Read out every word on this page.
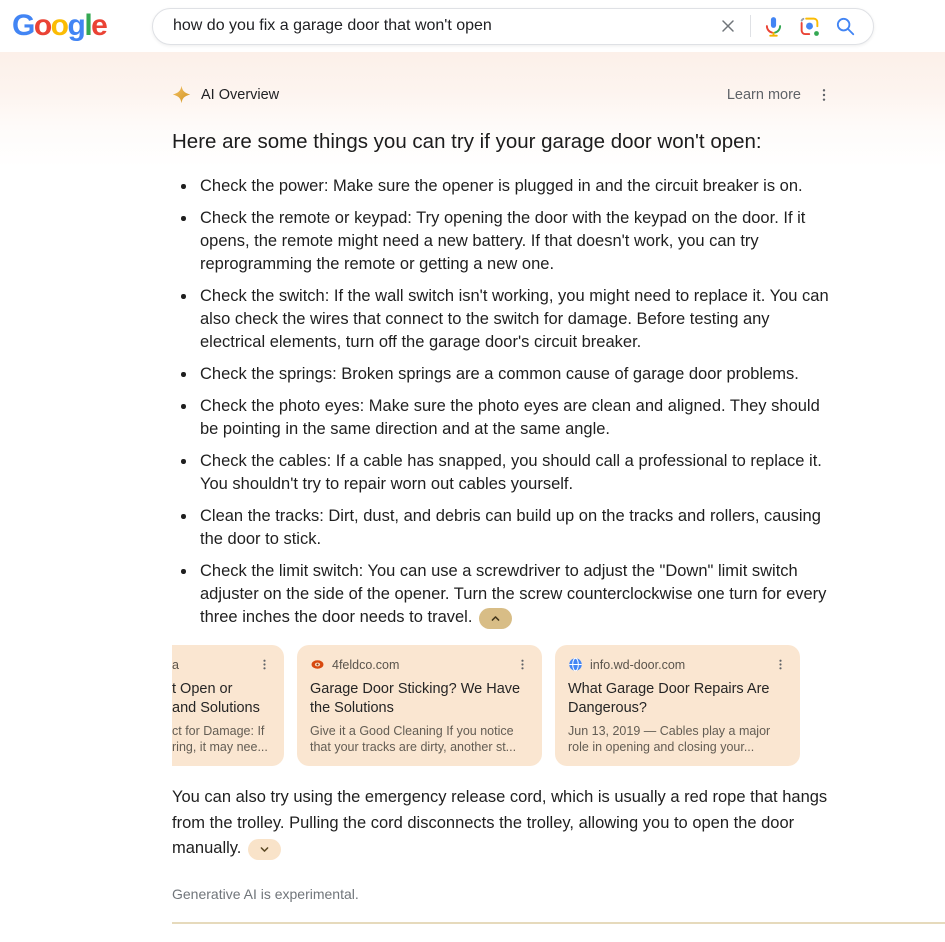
Google	how do you fix a garage door that won't open
AI Overview	Learn more
Here are some things you can try if your garage door won't open:
Check the power: Make sure the opener is plugged in and the circuit breaker is on.
Check the remote or keypad: Try opening the door with the keypad on the door. If it opens, the remote might need a new battery. If that doesn't work, you can try reprogramming the remote or getting a new one.
Check the switch: If the wall switch isn't working, you might need to replace it. You can also check the wires that connect to the switch for damage. Before testing any electrical elements, turn off the garage door's circuit breaker.
Check the springs: Broken springs are a common cause of garage door problems.
Check the photo eyes: Make sure the photo eyes are clean and aligned. They should be pointing in the same direction and at the same angle.
Check the cables: If a cable has snapped, you should call a professional to replace it. You shouldn't try to repair worn out cables yourself.
Clean the tracks: Dirt, dust, and debris can build up on the tracks and rollers, causing the door to stick.
Check the limit switch: You can use a screwdriver to adjust the "Down" limit switch adjuster on the side of the opener. Turn the screw counterclockwise one turn for every three inches the door needs to travel.
a
t Open or
and Solutions
ct for Damage: If
ring, it may nee...
4feldco.com
Garage Door Sticking? We Have
the Solutions
Give it a Good Cleaning If you notice
that your tracks are dirty, another st...
info.wd-door.com
What Garage Door Repairs Are
Dangerous?
Jun 13, 2019 — Cables play a major
role in opening and closing your...
You can also try using the emergency release cord, which is usually a red rope that hangs from the trolley. Pulling the cord disconnects the trolley, allowing you to open the door manually.
Generative AI is experimental.
